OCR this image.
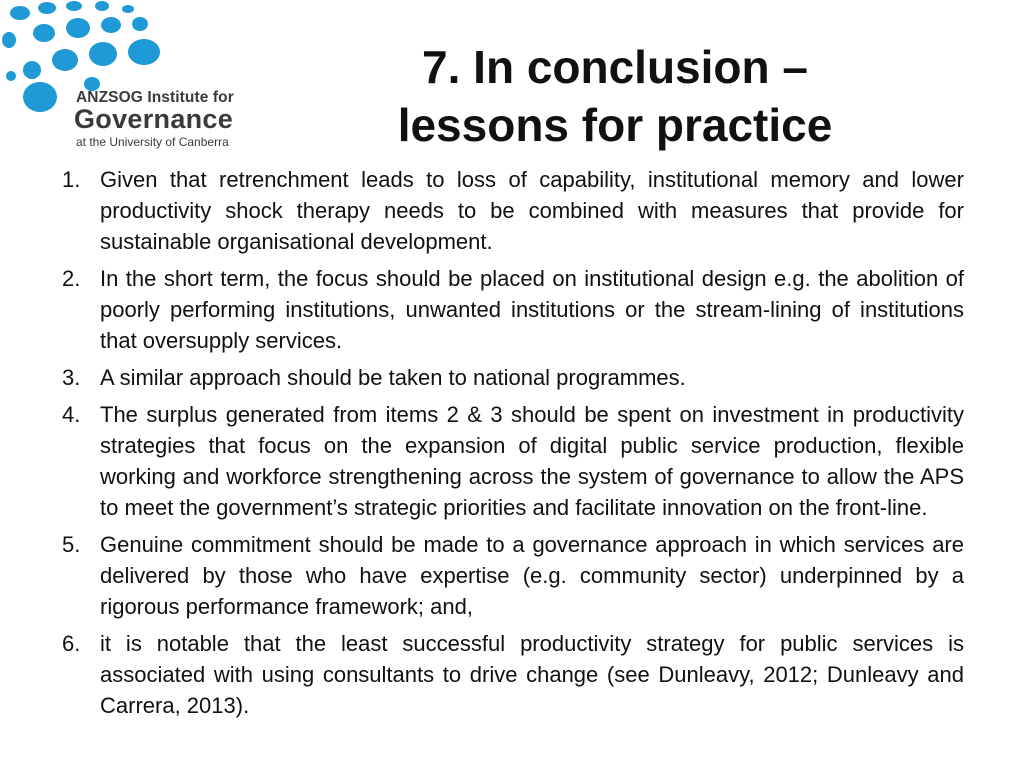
ANZSOG Institute for
Governance
at the University of Canberra
7. In conclusion –
lessons for practice
1. Given that retrenchment leads to loss of capability, institutional memory and lower productivity shock therapy needs to be combined with measures that provide for sustainable organisational development.
2. In the short term, the focus should be placed on institutional design e.g. the abolition of poorly performing institutions, unwanted institutions or the stream-lining of institutions that oversupply services.
3. A similar approach should be taken to national programmes.
4. The surplus generated from items 2 & 3 should be spent on investment in productivity strategies that focus on the expansion of digital public service production, flexible working and workforce strengthening across the system of governance to allow the APS to meet the government’s strategic priorities and facilitate innovation on the front-line.
5. Genuine commitment should be made to a governance approach in which services are delivered by those who have expertise (e.g. community sector) underpinned by a rigorous performance framework; and,
6. it is notable that the least successful productivity strategy for public services is associated with using consultants to drive change (see Dunleavy, 2012; Dunleavy and Carrera, 2013).
